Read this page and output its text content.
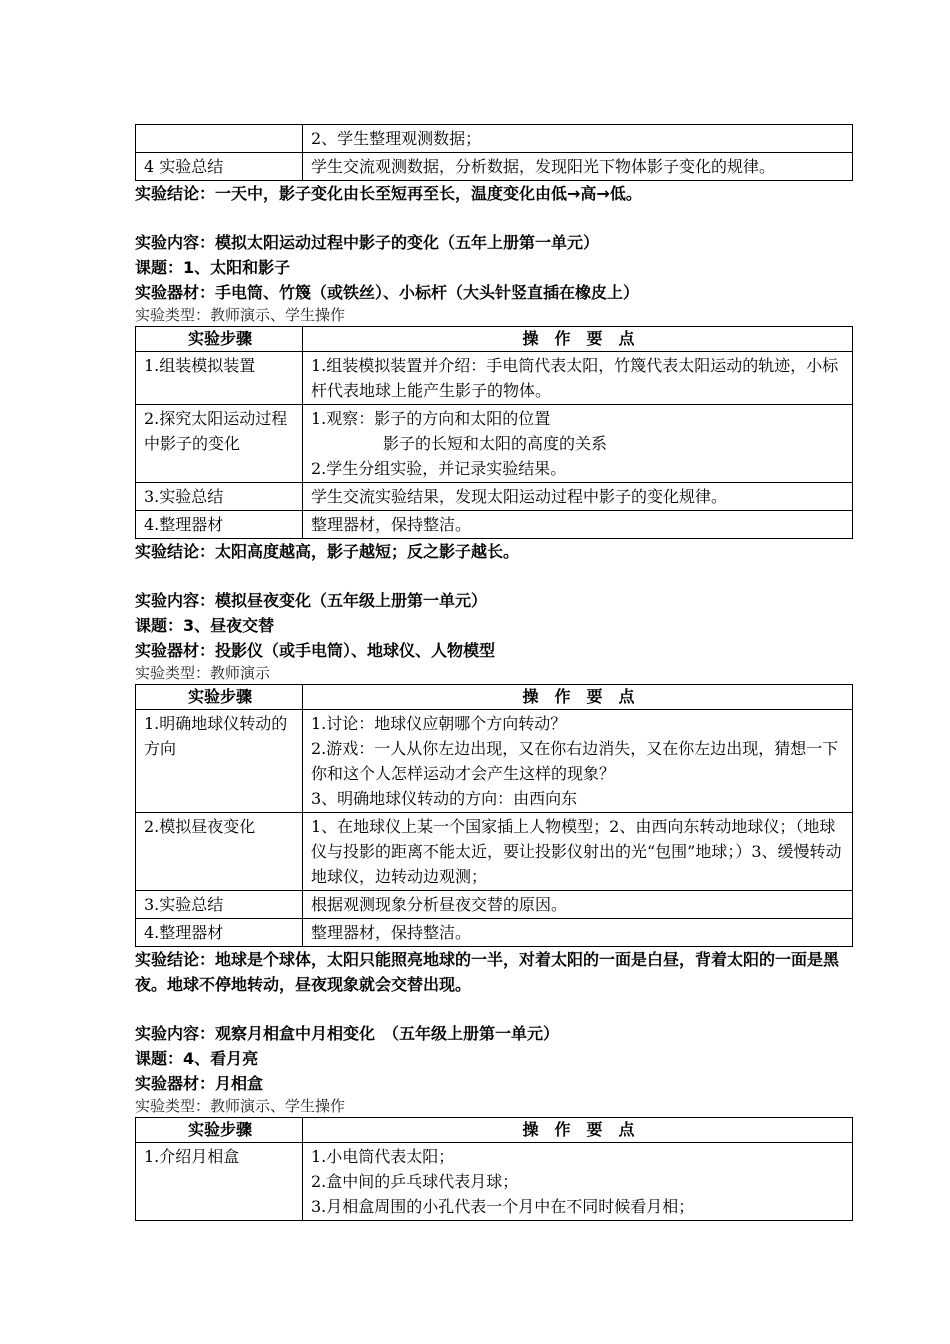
	2、学生整理观测数据；

4 实验总结	学生交流观测数据，分析数据，发现阳光下物体影子变化的规律。
实验结论：一天中，影子变化由长至短再至长，温度变化由低→高→低。
实验内容：模拟太阳运动过程中影子的变化（五年上册第一单元）
课题：1、太阳和影子
实验器材：手电筒、竹篾（或铁丝）、小标杆（大头针竖直插在橡皮上）
实验类型：教师演示、学生操作
实验步骤	操　作　要　点
1.组装模拟装置	1.组装模拟装置并介绍：手电筒代表太阳，竹篾代表太阳运动的轨迹，小标杆代表地球上能产生影子的物体。

2.探究太阳运动过程中影子的变化	1.观察：影子的方向和太阳的位置
影子的长短和太阳的高度的关系
2.学生分组实验，并记录实验结果。

3.实验总结	学生交流实验结果，发现太阳运动过程中影子的变化规律。

4.整理器材	整理器材，保持整洁。
实验结论：太阳高度越高，影子越短；反之影子越长。
实验内容：模拟昼夜变化（五年级上册第一单元）
课题：3、昼夜交替
实验器材：投影仪（或手电筒）、地球仪、人物模型
实验类型：教师演示
实验步骤	操　作　要　点
1.明确地球仪转动的方向	1.讨论：地球仪应朝哪个方向转动？
2.游戏：一人从你左边出现，又在你右边消失，又在你左边出现，猜想一下你和这个人怎样运动才会产生这样的现象？
3、明确地球仪转动的方向：由西向东

2.模拟昼夜变化	1、在地球仪上某一个国家插上人物模型；2、由西向东转动地球仪；（地球仪与投影的距离不能太近，要让投影仪射出的光“包围”地球；）3、缓慢转动地球仪，边转动边观测；

3.实验总结	根据观测现象分析昼夜交替的原因。

4.整理器材	整理器材，保持整洁。
实验结论：地球是个球体，太阳只能照亮地球的一半，对着太阳的一面是白昼，背着太阳的一面是黑夜。地球不停地转动，昼夜现象就会交替出现。
实验内容：观察月相盒中月相变化　（五年级上册第一单元）
课题：4、看月亮
实验器材：月相盒
实验类型：教师演示、学生操作
实验步骤	操　作　要　点
1.介绍月相盒	1.小电筒代表太阳；
2.盒中间的乒乓球代表月球；
3.月相盒周围的小孔代表一个月中在不同时候看月相；
